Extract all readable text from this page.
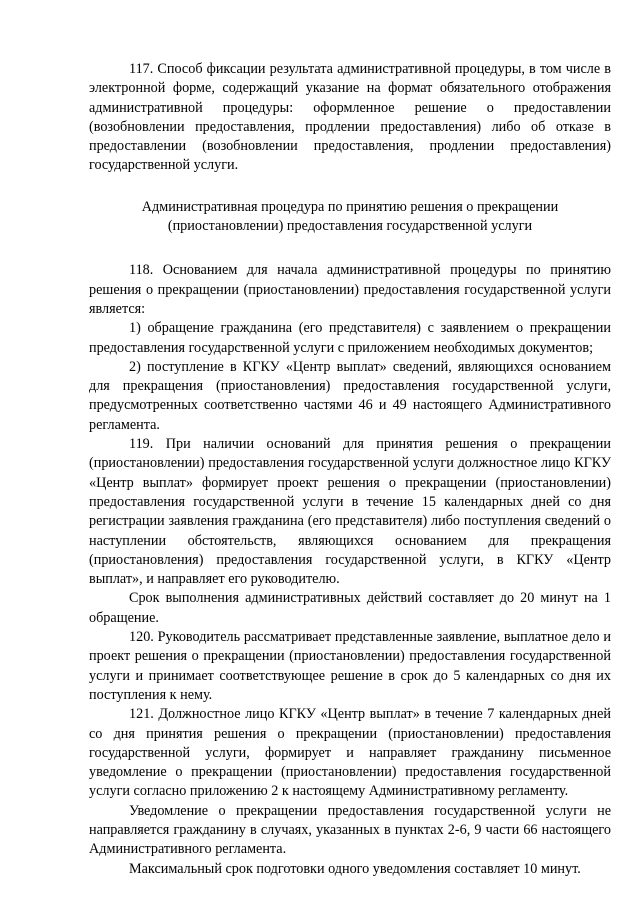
117. Способ фиксации результата административной процедуры, в том числе в электронной форме, содержащий указание на формат обязательного отображения административной процедуры: оформленное решение о предоставлении (возобновлении предоставления, продлении предоставления) либо об отказе в предоставлении (возобновлении предоставления, продлении предоставления) государственной услуги.

Административная процедура по принятию решения о прекращении
(приостановлении) предоставления государственной услуги

118. Основанием для начала административной процедуры по принятию решения о прекращении (приостановлении) предоставления государственной услуги является:

1) обращение гражданина (его представителя) с заявлением о прекращении предоставления государственной услуги с приложением необходимых документов;

2) поступление в КГКУ «Центр выплат» сведений, являющихся основанием для прекращения (приостановления) предоставления государственной услуги, предусмотренных соответственно частями 46 и 49 настоящего Административного регламента.

119. При наличии оснований для принятия решения о прекращении (приостановлении) предоставления государственной услуги должностное лицо КГКУ «Центр выплат» формирует проект решения о прекращении (приостановлении) предоставления государственной услуги в течение 15 календарных дней со дня регистрации заявления гражданина (его представителя) либо поступления сведений о наступлении обстоятельств, являющихся основанием для прекращения (приостановления) предоставления государственной услуги, в КГКУ «Центр выплат», и направляет его руководителю.

Срок выполнения административных действий составляет до 20 минут на 1 обращение.

120. Руководитель рассматривает представленные заявление, выплатное дело и проект решения о прекращении (приостановлении) предоставления государственной услуги и принимает соответствующее решение в срок до 5 календарных со дня их поступления к нему.

121. Должностное лицо КГКУ «Центр выплат» в течение 7 календарных дней со дня принятия решения о прекращении (приостановлении) предоставления государственной услуги, формирует и направляет гражданину письменное уведомление о прекращении (приостановлении) предоставления государственной услуги согласно приложению 2 к настоящему Административному регламенту.

Уведомление о прекращении предоставления государственной услуги не направляется гражданину в случаях, указанных в пунктах 2-6, 9 части 66 настоящего Административного регламента.

Максимальный срок подготовки одного уведомления составляет 10 минут.
